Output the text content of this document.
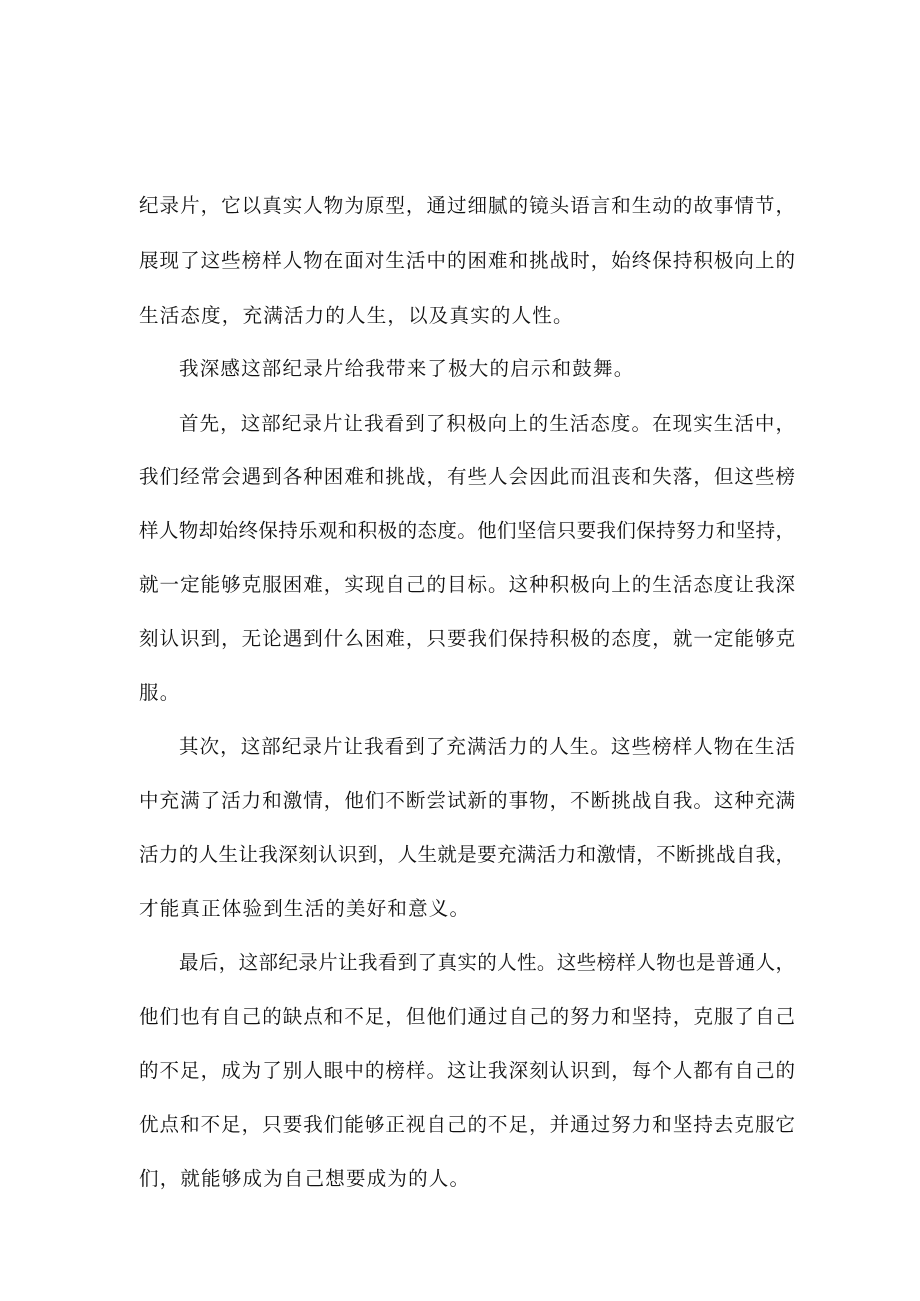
纪录片，它以真实人物为原型，通过细腻的镜头语言和生动的故事情节，
展现了这些榜样人物在面对生活中的困难和挑战时，始终保持积极向上的
生活态度，充满活力的人生，以及真实的人性。
我深感这部纪录片给我带来了极大的启示和鼓舞。
首先，这部纪录片让我看到了积极向上的生活态度。在现实生活中，
我们经常会遇到各种困难和挑战，有些人会因此而沮丧和失落，但这些榜
样人物却始终保持乐观和积极的态度。他们坚信只要我们保持努力和坚持，
就一定能够克服困难，实现自己的目标。这种积极向上的生活态度让我深
刻认识到，无论遇到什么困难，只要我们保持积极的态度，就一定能够克
服。
其次，这部纪录片让我看到了充满活力的人生。这些榜样人物在生活
中充满了活力和激情，他们不断尝试新的事物，不断挑战自我。这种充满
活力的人生让我深刻认识到，人生就是要充满活力和激情，不断挑战自我，
才能真正体验到生活的美好和意义。
最后，这部纪录片让我看到了真实的人性。这些榜样人物也是普通人，
他们也有自己的缺点和不足，但他们通过自己的努力和坚持，克服了自己
的不足，成为了别人眼中的榜样。这让我深刻认识到，每个人都有自己的
优点和不足，只要我们能够正视自己的不足，并通过努力和坚持去克服它
们，就能够成为自己想要成为的人。
